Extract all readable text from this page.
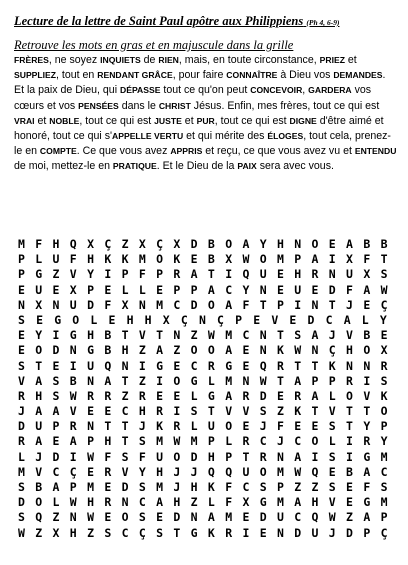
Lecture de la lettre de Saint Paul apôtre aux Philippiens (Ph 4, 6-9)
Retrouve les mots en gras et en majuscule dans la grille
FRÈRES, ne soyez INQUIETS de RIEN, mais, en toute circonstance, PRIEZ et SUPPLIEZ, tout en RENDANT GRÂCE, pour faire CONNAÎTRE à Dieu vos DEMANDES. Et la paix de Dieu, qui DÉPASSE tout ce qu'on peut CONCEVOIR, GARDERA vos cœurs et vos PENSÉES dans le CHRIST Jésus. Enfin, mes frères, tout ce qui est VRAI et NOBLE, tout ce qui est JUSTE et PUR, tout ce qui est DIGNE d'être aimé et honoré, tout ce qui s'APPELLE VERTU et qui mérite des ÉLOGES, tout cela, prenez-le en COMPTE. Ce que vous avez APPRIS et reçu, ce que vous avez vu et ENTENDU de moi, mettez-le en PRATIQUE. Et le Dieu de la PAIX sera avec vous.
M F H Q X Ç Z X Ç X D B O A Y H N O E A B B
P L U F H K K M O K E B X W O M P A I X F T
P G Z V Y I P F P R A T I Q U E H R N U X S
E U E X P E L L E P P A C Y N E U E D F A W
N X N U D F X N M C D O A F T P I N T J E Ç
S E G O L E H H X Ç N Ç P E V E D C A L Y
E Y I G H B T V T N Z W M C N T S A J V B E
E O D N G B H Z A Z O O A E N K W N Ç H O X
S T E I U Q N I G E C R G E Q R T T K N N R
V A S B N A T Z I O G L M N W T A P P R I S
R H S W R R Z R E E L G A R D E R A L O V K
J A A V E E C H R I S T V V S Z K T V T T O
D U P R N T T J K R L U O E J F E E S T Y P
R A E A P H T S M W M P L R C J C O L I R Y
L J D I W F S F U O D H P T R N A I S I G M
M V C Ç E R V Y H J J Q Q U O M W Q E B A C
S B A P M E D S M J H K F C S P Z Z S E F S
D O L W H R N C A H Z L F X G M A H V E G M
S Q Z N W E O S E D N A M E D U C Q W Z A P
W Z X H Z S C Ç S T G K R I E N D U J D P Ç
